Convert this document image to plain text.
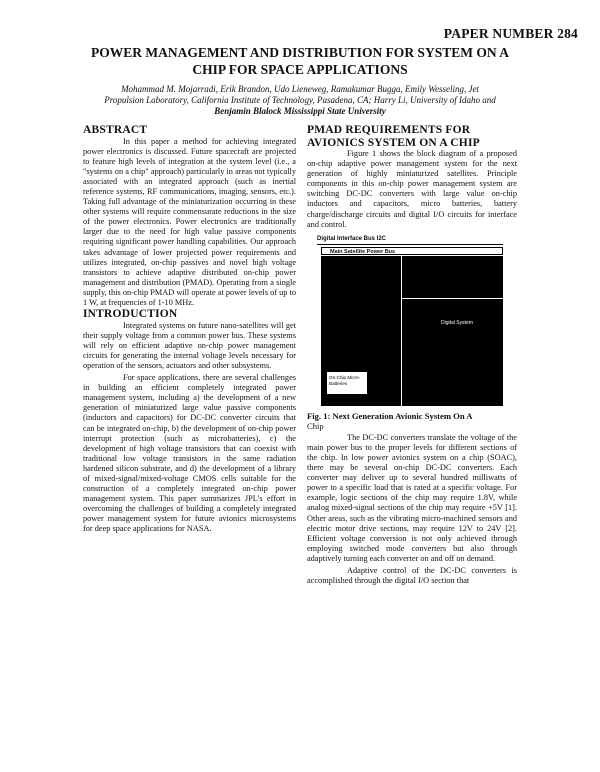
PAPER NUMBER 284
POWER MANAGEMENT AND DISTRIBUTION FOR SYSTEM ON A
CHIP FOR SPACE APPLICATIONS
Mohammad M. Mojarradi, Erik Brandon, Udo Lieneweg, Ramakumar Bugga, Emily Wesseling, Jet
Propulsion Laboratory, California Institute of Technology, Pasadena, CA; Harry Li, University of Idaho and
Benjamin Blalock Mississippi State University
ABSTRACT

In this paper a method for achieving integrated power electronics is discussed. Future spacecraft are projected to feature high levels of integration at the system level (i.e., a "systems on a chip" approach) particularly in areas not typically associated with an integrated approach (such as inertial reference systems, RF communications, imaging, sensors, etc.). Taking full advantage of the miniaturization occurring in these other systems will require commensurate reductions in the size of the power electronics. Power electronics are traditionally larger due to the need for high value passive components requiring significant power handling capabilities. Our approach takes advantage of lower projected power requirements and utilizes integrated, on-chip passives and novel high voltage transistors to achieve adaptive distributed on-chip power management and distribution (PMAD). Operating from a single supply, this on-chip PMAD will operate at power levels of up to 1 W, at frequencies of 1-10 MHz.

INTRODUCTION

Integrated systems on future nano-satellites will get their supply voltage from a common power bus. These systems will rely on efficient adaptive on-chip power management circuits for generating the internal voltage levels necessary for operation of the sensors, actuators and other subsystems.

For space applications, there are several challenges in building an efficient completely integrated power management system, including a) the development of a new generation of miniaturized large value passive components (inductors and capacitors) for DC-DC converter circuits that can be integrated on-chip, b) the development of on-chip power interrupt protection (such as microbatteries), c) the development of high voltage transistors that can coexist with traditional low voltage transistors in the same radiation hardened silicon substrate, and d) the development of a library of mixed-signal/mixed-voltage CMOS cells suitable for the construction of a completely integrated on-chip power management system. This paper summarizes JPL's effort in overcoming the challenges of building a completely integrated power management system for future avionics microsystems for deep space applications for NASA.

PMAD REQUIREMENTS FOR
AVIONICS SYSTEM ON A CHIP

Figure 1 shows the block diagram of a proposed on-chip adaptive power management system for the next generation of highly miniaturized satellites. Principle components in this on-chip power management system are switching DC-DC converters with large value on-chip inductors and capacitors, micro batteries, battery charge/discharge circuits and digital I/O circuits for interface and control.

Digital Interface Bus I2C
Main Satellite Power Bus
Digital System
On-Chip Micro-Batteries
Fig. 1: Next Generation Avionic System On A
Chip

The DC-DC converters translate the voltage of the main power bus to the proper levels for different sections of the chip. In low power avionics system on a chip (SOAC), there may be several on-chip DC-DC converters. Each converter may deliver up to several hundred milliwatts of power to a specific load that is rated at a specific voltage. For example, logic sections of the chip may require 1.8V, while analog mixed-signal sections of the chip may require +5V [1]. Other areas, such as the vibrating micro-machined sensors and electric motor drive sections, may require 12V to 24V [2]. Efficient voltage conversion is not only achieved through employing switched mode converters but also through adaptively turning each converter on and off on demand.

Adaptive control of the DC-DC converters is accomplished through the digital I/O section that
